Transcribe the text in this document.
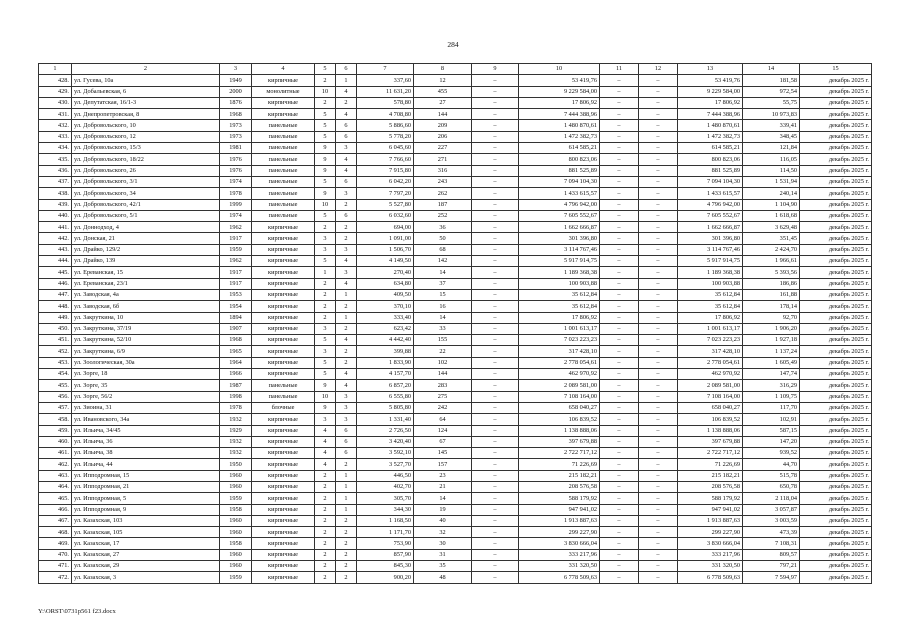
284
1	2	3	4	5	6	7	8	9	10	11	12	13	14	15
428.	ул. Гусева, 10а	1949	кирпичные	2	1	337,60	12	–	53 419,76	–	–	53 419,76	181,58	декабрь 2025 г.
429.	ул. Добальевская, 6	2000	монолитные	10	4	11 631,20	455	–	9 229 584,00	–	–	9 229 584,00	972,54	декабрь 2025 г.
430.	ул. Депутатская, 16/1-3	1876	кирпичные	2	2	578,80	27	–	17 806,92	–	–	17 806,92	55,75	декабрь 2025 г.
431.	ул. Днепропетровская, 8	1968	кирпичные	5	4	4 708,80	144	–	7 444 388,96	–	–	7 444 388,96	10 973,83	декабрь 2025 г.
432.	ул. Добровольского, 10	1973	панельные	5	6	5 886,60	209	–	1 480 870,61	–	–	1 480 870,61	339,41	декабрь 2025 г.
433.	ул. Добровольского, 12	1973	панельные	5	6	5 778,20	206	–	1 472 382,73	–	–	1 472 382,73	348,45	декабрь 2025 г.
434.	ул. Добровольского, 15/3	1981	панельные	9	3	6 045,60	227	–	614 585,21	–	–	614 585,21	121,84	декабрь 2025 г.
435.	ул. Добровольского, 18/22	1976	панельные	9	4	7 766,60	271	–	800 823,06	–	–	800 823,06	116,05	декабрь 2025 г.
436.	ул. Добровольского, 26	1976	панельные	9	4	7 915,80	316	–	881 525,89	–	–	881 525,89	114,50	декабрь 2025 г.
437.	ул. Добровольского, 3/1	1974	панельные	5	6	6 042,20	243	–	7 094 104,30	–	–	7 094 104,30	1 531,94	декабрь 2025 г.
438.	ул. Добровольского, 34	1978	панельные	9	3	7 797,20	262	–	1 433 615,57	–	–	1 433 615,57	240,14	декабрь 2025 г.
439.	ул. Добровольского, 42/1	1999	панельные	10	2	5 527,80	187	–	4 796 942,00	–	–	4 796 942,00	1 104,90	декабрь 2025 г.
440.	ул. Добровольского, 5/1	1974	панельные	5	6	6 032,60	252	–	7 605 552,67	–	–	7 605 552,67	1 618,68	декабрь 2025 г.
441.	ул. Доннодход, 4	1962	кирпичные	2	2	694,00	36	–	1 662 666,87	–	–	1 662 666,87	3 629,48	декабрь 2025 г.
442.	ул. Донская, 21	1917	кирпичные	3	2	1 091,00	50	–	301 396,80	–	–	301 396,80	351,45	декабрь 2025 г.
443.	ул. Драйко, 129/2	1959	кирпичные	3	3	1 506,70	68	–	3 114 767,46	–	–	3 114 767,46	2 424,70	декабрь 2025 г.
444.	ул. Драйко, 139	1962	кирпичные	5	4	4 149,50	142	–	5 917 914,75	–	–	5 917 914,75	1 966,61	декабрь 2025 г.
445.	ул. Ереванская, 15	1917	кирпичные	1	3	270,40	14	–	1 189 368,38	–	–	1 189 368,38	5 393,56	декабрь 2025 г.
446.	ул. Ереванская, 23/1	1917	кирпичные	2	4	634,80	37	–	100 903,88	–	–	100 903,88	186,86	декабрь 2025 г.
447.	ул. Заводская, 4а	1953	кирпичные	2	1	409,50	15	–	35 612,84	–	–	35 612,84	161,88	декабрь 2025 г.
448.	ул. Заводская, 6б	1954	кирпичные	2	2	370,10	16	–	35 612,84	–	–	35 612,84	178,14	декабрь 2025 г.
449.	ул. Закруткина, 10	1894	кирпичные	2	1	333,40	14	–	17 806,92	–	–	17 806,92	92,70	декабрь 2025 г.
450.	ул. Закруткина, 37/19	1907	кирпичные	3	2	623,42	33	–	1 001 613,17	–	–	1 001 613,17	1 906,20	декабрь 2025 г.
451.	ул. Закруткина, 52/10	1968	кирпичные	5	4	4 442,40	155	–	7 023 223,23	–	–	7 023 223,23	1 927,18	декабрь 2025 г.
452.	ул. Закруткина, 6/9	1965	кирпичные	3	2	399,88	22	–	317 428,10	–	–	317 428,10	1 137,24	декабрь 2025 г.
453.	ул. Зоологическая, 30а	1964	кирпичные	5	2	1 833,90	102	–	2 778 054,61	–	–	2 778 054,61	1 605,49	декабрь 2025 г.
454.	ул. Зорге, 18	1966	кирпичные	5	4	4 157,70	144	–	462 970,92	–	–	462 970,92	147,74	декабрь 2025 г.
455.	ул. Зорге, 35	1987	панельные	9	4	6 857,20	283	–	2 089 581,00	–	–	2 089 581,00	316,29	декабрь 2025 г.
456.	ул. Зорге, 56/2	1998	панельные	10	3	6 555,80	275	–	7 108 164,00	–	–	7 108 164,00	1 109,75	декабрь 2025 г.
457.	ул. Зиоина, 31	1978	блочные	9	3	5 805,80	242	–	658 040,27	–	–	658 040,27	117,70	декабрь 2025 г.
458.	ул. Ивановского, 34а	1932	кирпичные	3	3	1 331,40	64	–	106 839,52	–	–	106 839,52	102,91	декабрь 2025 г.
459.	ул. Ильича, 34/45	1929	кирпичные	4	6	2 726,50	124	–	1 138 888,06	–	–	1 138 888,06	587,15	декабрь 2025 г.
460.	ул. Ильича, 36	1932	кирпичные	4	6	3 420,40	67	–	397 679,88	–	–	397 679,88	147,20	декабрь 2025 г.
461.	ул. Ильича, 38	1932	кирпичные	4	6	3 592,10	145	–	2 722 717,12	–	–	2 722 717,12	939,52	декабрь 2025 г.
462.	ул. Ильича, 44	1950	кирпичные	4	2	3 527,70	157	–	71 226,69	–	–	71 226,69	44,70	декабрь 2025 г.
463.	ул. Ипподромная, 15	1960	кирпичные	2	1	446,50	23	–	215 182,21	–	–	215 182,21	515,78	декабрь 2025 г.
464.	ул. Ипподромная, 21	1960	кирпичные	2	1	402,70	21	–	208 576,58	–	–	208 576,58	650,78	декабрь 2025 г.
465.	ул. Ипподромная, 5	1959	кирпичные	2	1	305,70	14	–	588 179,92	–	–	588 179,92	2 118,04	декабрь 2025 г.
466.	ул. Ипподромная, 9	1958	кирпичные	2	1	344,30	19	–	947 941,02	–	–	947 941,02	3 057,87	декабрь 2025 г.
467.	ул. Казахская, 103	1960	кирпичные	2	2	1 168,50	40	–	1 913 887,63	–	–	1 913 887,63	3 003,59	декабрь 2025 г.
468.	ул. Казахская, 105	1960	кирпичные	2	2	1 171,70	32	–	299 227,90	–	–	299 227,90	473,39	декабрь 2025 г.
469.	ул. Казахская, 17	1958	кирпичные	2	2	753,90	30	–	3 830 666,04	–	–	3 830 666,04	7 108,31	декабрь 2025 г.
470.	ул. Казахская, 27	1960	кирпичные	2	2	857,90	31	–	333 217,96	–	–	333 217,96	809,57	декабрь 2025 г.
471.	ул. Казахская, 29	1960	кирпичные	2	2	845,30	35	–	331 320,50	–	–	331 320,50	797,21	декабрь 2025 г.
472.	ул. Казахская, 3	1959	кирпичные	2	2	900,20	48	–	6 778 509,63	–	–	6 778 509,63	7 594,97	декабрь 2025 г.
Y:\ORST\0731p561 f23.docx
